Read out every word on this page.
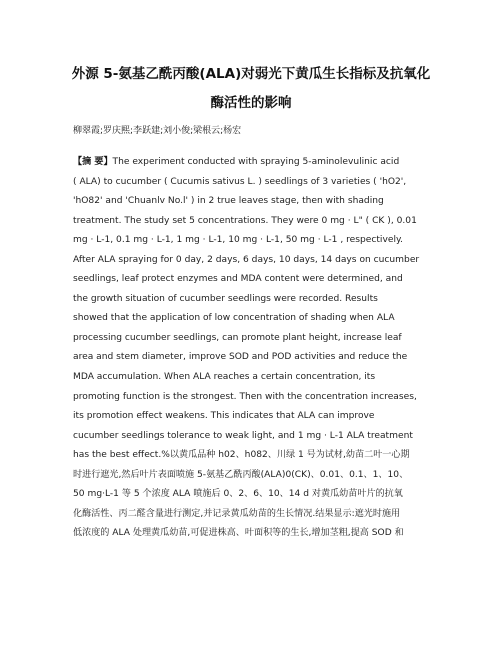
外源 5-氨基乙酰丙酸(ALA)对弱光下黄瓜生长指标及抗氧化
酶活性的影响
柳翠霞;罗庆熙;李跃建;刘小俊;梁根云;杨宏
【摘 要】The experiment conducted with spraying 5-aminolevulinic acid
( ALA) to cucumber ( Cucumis sativus L. ) seedlings of 3 varieties ( 'hO2',
'hO82' and 'Chuanlv No.l' ) in 2 true leaves stage, then with shading
treatment. The study set 5 concentrations. They were 0 mg · L" ( CK ), 0.01
mg · L-1, 0.1 mg · L-1, 1 mg · L-1, 10 mg · L-1, 50 mg · L-1 , respectively.
After ALA spraying for 0 day, 2 days, 6 days, 10 days, 14 days on cucumber
seedlings, leaf protect enzymes and MDA content were determined, and
the growth situation of cucumber seedlings were recorded. Results
showed that the application of low concentration of shading when ALA
processing cucumber seedlings, can promote plant height, increase leaf
area and stem diameter, improve SOD and POD activities and reduce the
MDA accumulation. When ALA reaches a certain concentration, its
promoting function is the strongest. Then with the concentration increases,
its promotion effect weakens. This indicates that ALA can improve
cucumber seedlings tolerance to weak light, and 1 mg · L-1 ALA treatment
has the best effect.%以黄瓜品种 h02、h082、川绿 1 号为试材,幼苗二叶一心期
时进行遮光,然后叶片表面喷施 5-氨基乙酰丙酸(ALA)0(CK)、0.01、0.1、1、10、
50 mg·L-1 等 5 个浓度 ALA 喷施后 0、2、6、10、14 d 对黄瓜幼苗叶片的抗氧
化酶活性、丙二醛含量进行测定,并记录黄瓜幼苗的生长情况.结果显示:遮光时施用
低浓度的 ALA 处理黄瓜幼苗,可促进株高、叶面积等的生长,增加茎粗,提高 SOD 和
